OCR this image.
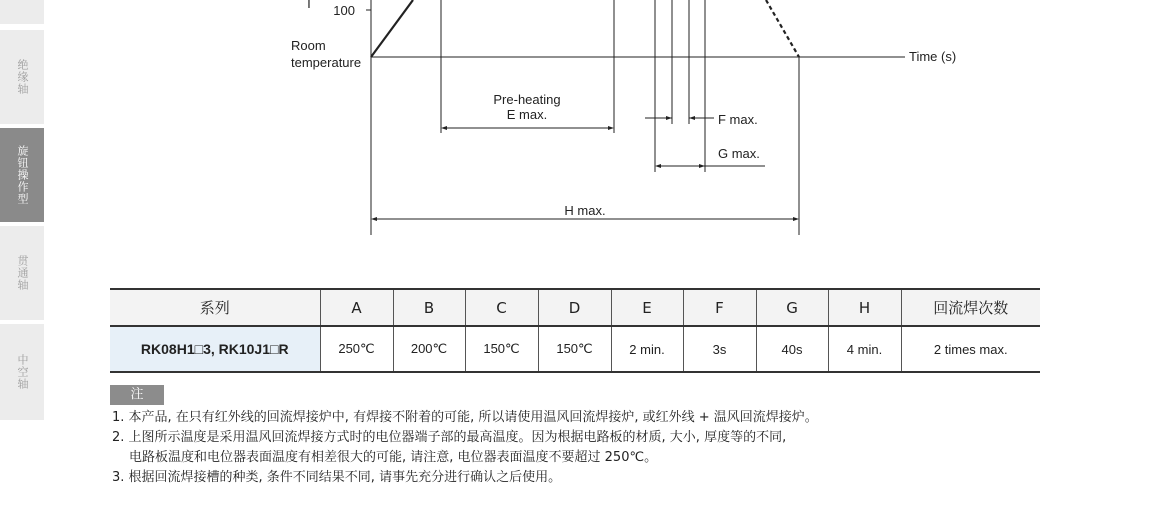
绝缘轴
旋钮操作型
贯通轴
中空轴
T 100
Room
temperature	Time (s)
Pre-heating
E max.	F max.
G max.
H max.
系列	A	B	C	D	E	F	G	H	回流焊次数
RK08H1□3, RK10J1□R	250℃	200℃	150℃	150℃	2 min.	3s	40s	4 min.	2 times max.
注
1. 本产品, 在只有红外线的回流焊接炉中, 有焊接不附着的可能, 所以请使用温风回流焊接炉, 或红外线 + 温风回流焊接炉。
2. 上图所示温度是采用温风回流焊接方式时的电位器端子部的最高温度。因为根据电路板的材质, 大小, 厚度等的不同,
电路板温度和电位器表面温度有相差很大的可能, 请注意, 电位器表面温度不要超过 250℃。
3. 根据回流焊接槽的种类, 条件不同结果不同, 请事先充分进行确认之后使用。
